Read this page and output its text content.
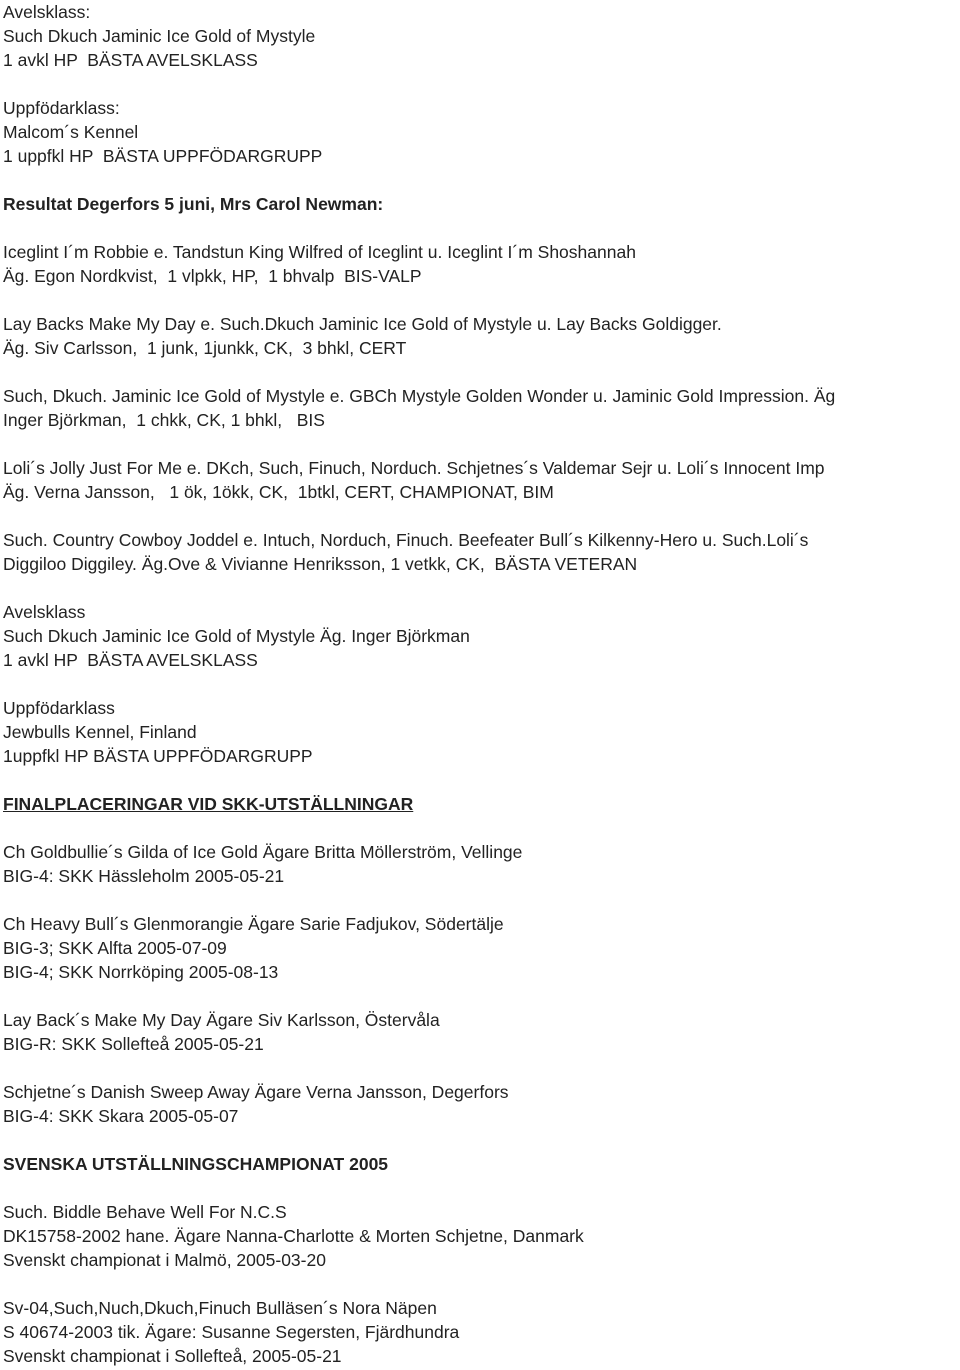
Avelsklass:
Such Dkuch Jaminic Ice Gold of Mystyle
1 avkl HP  BÄSTA AVELSKLASS
Uppfödarklass:
Malcom´s Kennel
1 uppfkl HP  BÄSTA UPPFÖDARGRUPP
Resultat Degerfors 5 juni, Mrs Carol Newman:
Iceglint I´m Robbie e. Tandstun King Wilfred of Iceglint u. Iceglint I´m Shoshannah
Äg. Egon Nordkvist,  1 vlpkk, HP,  1 bhvalp  BIS-VALP
Lay Backs Make My Day e. Such.Dkuch Jaminic Ice Gold of Mystyle u. Lay Backs Goldigger.
Äg. Siv Carlsson,  1 junk, 1junkk, CK,  3 bhkl, CERT
Such, Dkuch. Jaminic Ice Gold of Mystyle e. GBCh Mystyle Golden Wonder u. Jaminic Gold Impression. Äg
Inger Björkman,  1 chkk, CK, 1 bhkl,   BIS
Loli´s Jolly Just For Me e. DKch, Such, Finuch, Norduch. Schjetnes´s Valdemar Sejr u. Loli´s Innocent Imp
Äg. Verna Jansson,   1 ök, 1ökk, CK,  1btkl, CERT, CHAMPIONAT, BIM
Such. Country Cowboy Joddel e. Intuch, Norduch, Finuch. Beefeater Bull´s Kilkenny-Hero u. Such.Loli´s
Diggiloo Diggiley. Äg.Ove & Vivianne Henriksson, 1 vetkk, CK,  BÄSTA VETERAN
Avelsklass
Such Dkuch Jaminic Ice Gold of Mystyle Äg. Inger Björkman
1 avkl HP  BÄSTA AVELSKLASS
Uppfödarklass
Jewbulls Kennel, Finland
1uppfkl HP BÄSTA UPPFÖDARGRUPP
FINALPLACERINGAR VID SKK-UTSTÄLLNINGAR
Ch Goldbullie´s Gilda of Ice Gold Ägare Britta Möllerström, Vellinge
BIG-4: SKK Hässleholm 2005-05-21
Ch Heavy Bull´s Glenmorangie Ägare Sarie Fadjukov, Södertälje
BIG-3; SKK Alfta 2005-07-09
BIG-4; SKK Norrköping 2005-08-13
Lay Back´s Make My Day Ägare Siv Karlsson, Östervåla
BIG-R: SKK Sollefteå 2005-05-21
Schjetne´s Danish Sweep Away Ägare Verna Jansson, Degerfors
BIG-4: SKK Skara 2005-05-07
SVENSKA UTSTÄLLNINGSCHAMPIONAT 2005
Such. Biddle Behave Well For N.C.S
DK15758-2002 hane. Ägare Nanna-Charlotte & Morten Schjetne, Danmark
Svenskt championat i Malmö, 2005-03-20
Sv-04,Such,Nuch,Dkuch,Finuch Bulläsen´s Nora Näpen
S 40674-2003 tik. Ägare: Susanne Segersten, Fjärdhundra
Svenskt championat i Sollefteå, 2005-05-21
